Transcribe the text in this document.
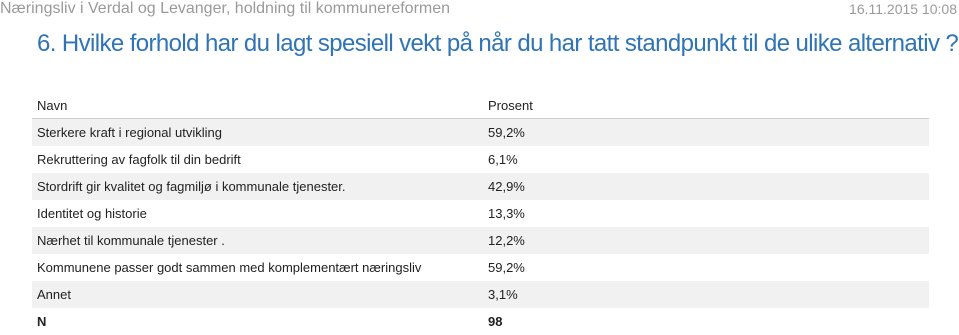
Næringsliv i Verdal og Levanger, holdning til kommunereformen	16.11.2015 10:08
6. Hvilke forhold har du lagt spesiell vekt på når du har tatt standpunkt til de ulike alternativ ?
Navn	Prosent
Sterkere kraft i regional utvikling	59,2%
Rekruttering av fagfolk til din bedrift	6,1%
Stordrift gir kvalitet og fagmiljø i kommunale tjenester.	42,9%
Identitet og historie	13,3%
Nærhet til kommunale tjenester .	12,2%
Kommunene passer godt sammen med komplementært næringsliv	59,2%
Annet	3,1%
N	98
